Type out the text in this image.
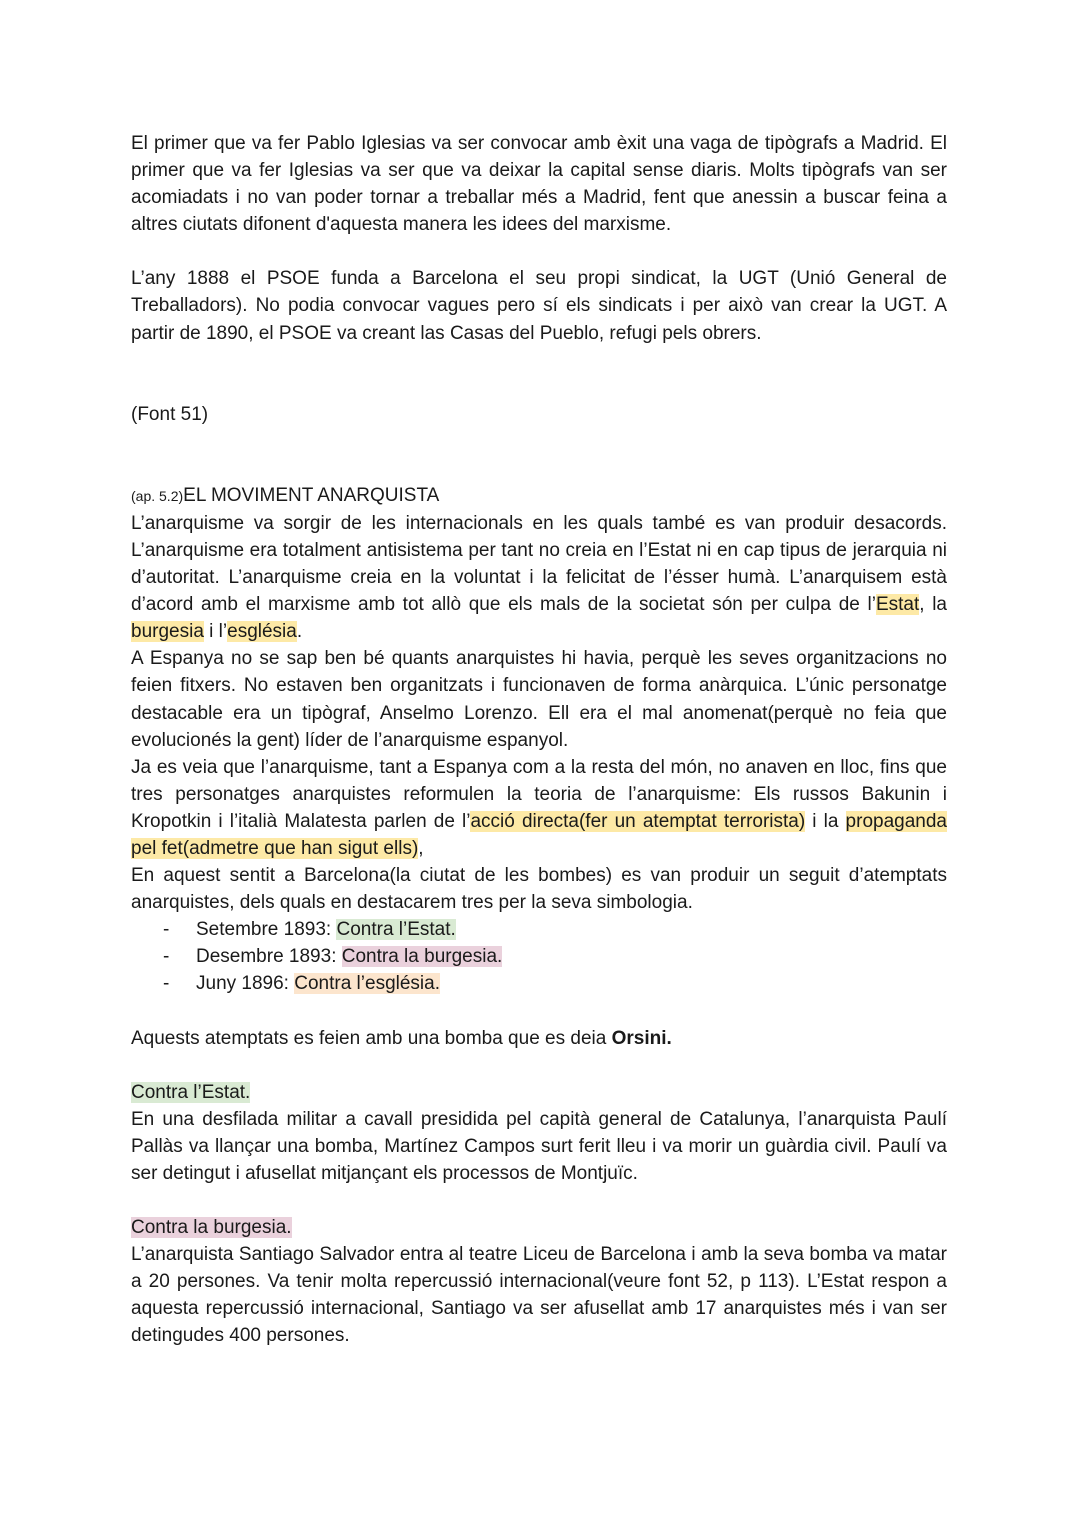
El primer que va fer Pablo Iglesias va ser convocar amb èxit una vaga de tipògrafs a Madrid. El primer que va fer Iglesias va ser que va deixar la capital sense diaris. Molts tipògrafs van ser acomiadats i no van poder tornar a treballar més a Madrid, fent que anessin a buscar feina a altres ciutats difonent d'aquesta manera les idees del marxisme.

L’any 1888 el PSOE funda a Barcelona el seu propi sindicat, la UGT (Unió General de Treballadors). No podia convocar vagues pero sí els sindicats i per això van crear la UGT. A partir de 1890, el PSOE va creant las Casas del Pueblo, refugi pels obrers.

(Font 51)

(ap. 5.2)EL MOVIMENT ANARQUISTA

L’anarquisme va sorgir de les internacionals en les quals també es van produir desacords. L’anarquisme era totalment antisistema per tant no creia en l’Estat ni en cap tipus de jerarquia ni d’autoritat. L’anarquisme creia en la voluntat i la felicitat de l’ésser humà. L’anarquisem està d’acord amb el marxisme amb tot allò que els mals de la societat són per culpa de l’Estat, la burgesia i l’església.

A Espanya no se sap ben bé quants anarquistes hi havia, perquè les seves organitzacions no feien fitxers. No estaven ben organitzats i funcionaven de forma anàrquica. L’únic personatge destacable era un tipògraf, Anselmo Lorenzo. Ell era el mal anomenat(perquè no feia que evolucionés la gent) líder de l’anarquisme espanyol.

Ja es veia que l’anarquisme, tant a Espanya com a la resta del món, no anaven en lloc, fins que tres personatges anarquistes reformulen la teoria de l’anarquisme: Els russos Bakunin i Kropotkin i l’italià Malatesta parlen de l’acció directa(fer un atemptat terrorista) i la propaganda pel fet(admetre que han sigut ells),

En aquest sentit a Barcelona(la ciutat de les bombes) es van produir un seguit d’atemptats anarquistes, dels quals en destacarem tres per la seva simbologia.

- Setembre 1893: Contra l’Estat.
- Desembre 1893: Contra la burgesia.
- Juny 1896: Contra l’església.

Aquests atemptats es feien amb una bomba que es deia Orsini.

Contra l’Estat.

En una desfilada militar a cavall presidida pel capità general de Catalunya, l’anarquista Paulí Pallàs va llançar una bomba, Martínez Campos surt ferit lleu i va morir un guàrdia civil. Paulí va ser detingut i afusellat mitjançant els processos de Montjuïc.

Contra la burgesia.

L’anarquista Santiago Salvador entra al teatre Liceu de Barcelona i amb la seva bomba va matar a 20 persones. Va tenir molta repercussió internacional(veure font 52, p 113). L’Estat respon a aquesta repercussió internacional, Santiago va ser afusellat amb 17 anarquistes més i van ser detingudes 400 persones.
